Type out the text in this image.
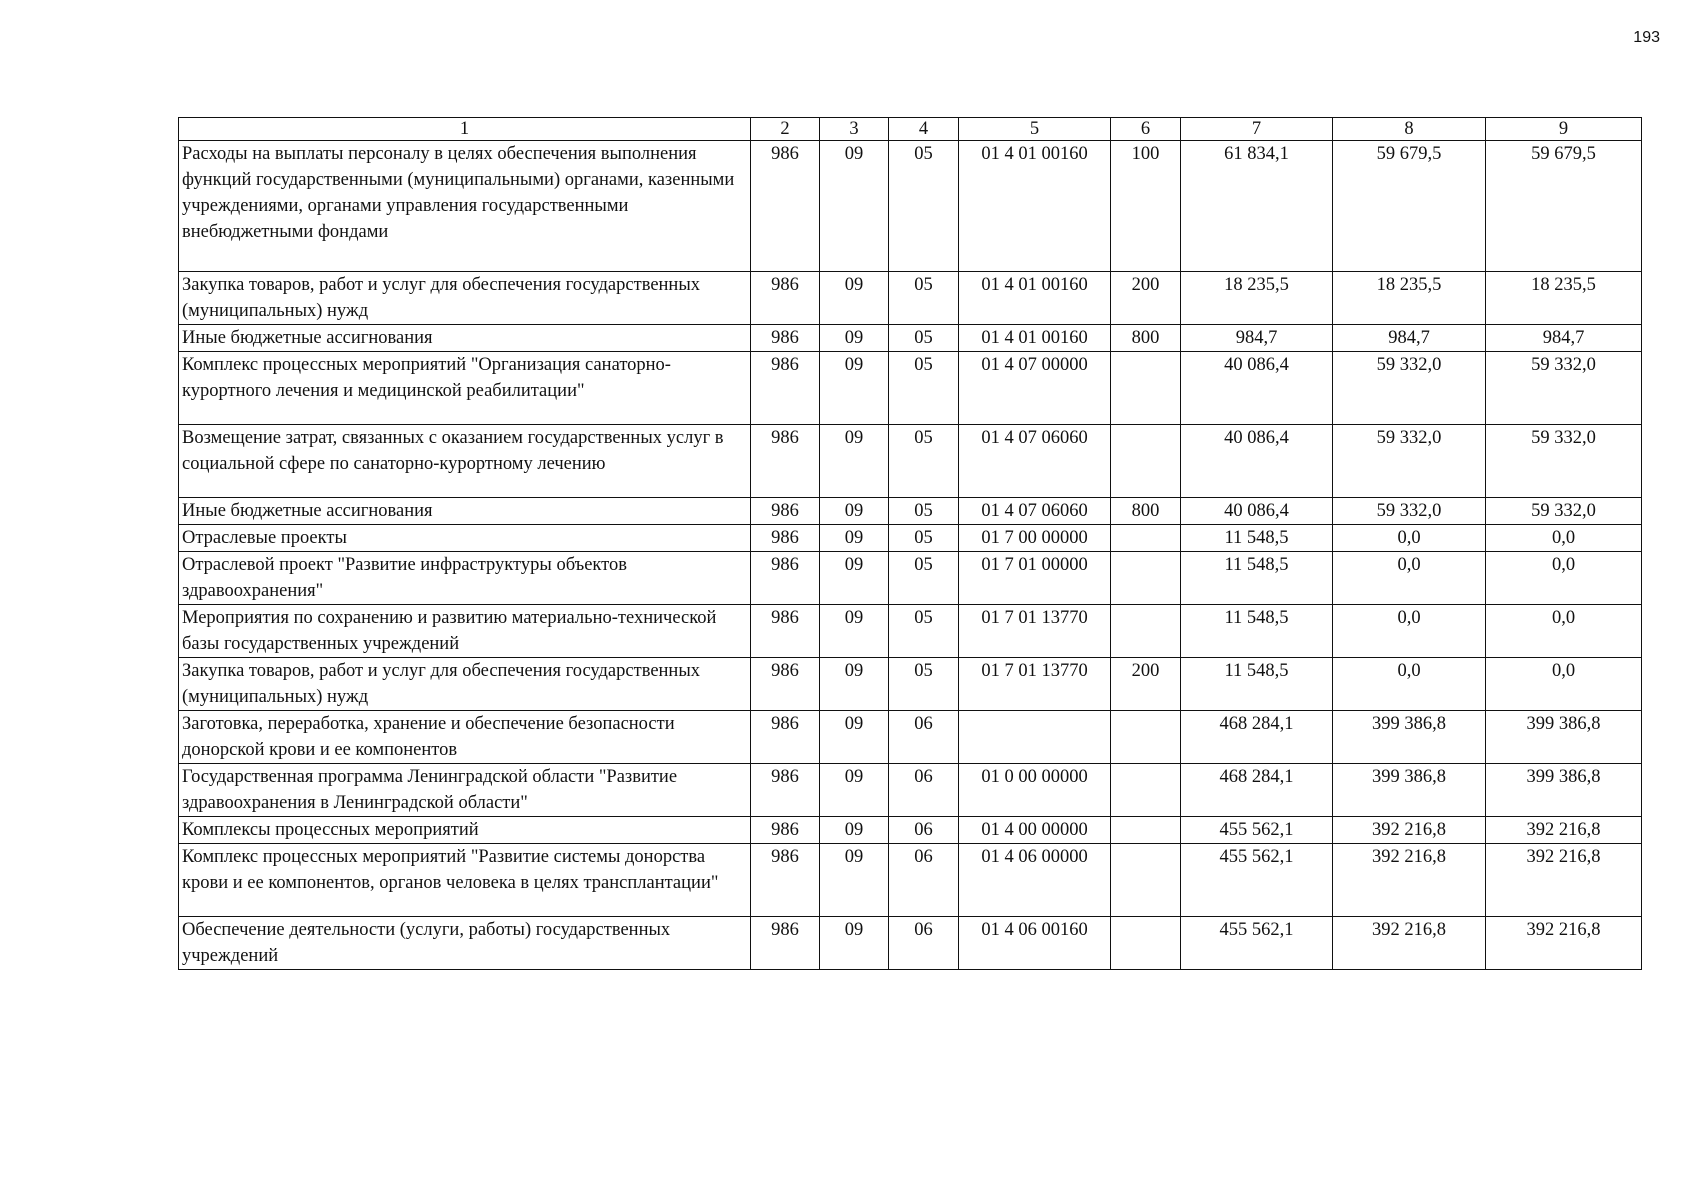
193
1	2	3	4	5	6	7	8	9
Расходы на выплаты персоналу в целях обеспечения выполнения функций государственными (муниципальными) органами, казенными учреждениями, органами управления государственными внебюджетными фондами	986	09	05	01 4 01 00160	100	61 834,1	59 679,5	59 679,5
Закупка товаров, работ и услуг для обеспечения государственных (муниципальных) нужд	986	09	05	01 4 01 00160	200	18 235,5	18 235,5	18 235,5
Иные бюджетные ассигнования	986	09	05	01 4 01 00160	800	984,7	984,7	984,7
Комплекс процессных мероприятий "Организация санаторно-курортного лечения и медицинской реабилитации"	986	09	05	01 4 07 00000		40 086,4	59 332,0	59 332,0
Возмещение затрат, связанных с оказанием государственных услуг в социальной сфере по санаторно-курортному лечению	986	09	05	01 4 07 06060		40 086,4	59 332,0	59 332,0
Иные бюджетные ассигнования	986	09	05	01 4 07 06060	800	40 086,4	59 332,0	59 332,0
Отраслевые проекты	986	09	05	01 7 00 00000		11 548,5	0,0	0,0
Отраслевой проект "Развитие инфраструктуры объектов здравоохранения"	986	09	05	01 7 01 00000		11 548,5	0,0	0,0
Мероприятия по сохранению и развитию материально-технической базы государственных учреждений	986	09	05	01 7 01 13770		11 548,5	0,0	0,0
Закупка товаров, работ и услуг для обеспечения государственных (муниципальных) нужд	986	09	05	01 7 01 13770	200	11 548,5	0,0	0,0
Заготовка, переработка, хранение и обеспечение безопасности донорской крови и ее компонентов	986	09	06			468 284,1	399 386,8	399 386,8
Государственная программа Ленинградской области "Развитие здравоохранения в Ленинградской области"	986	09	06	01 0 00 00000		468 284,1	399 386,8	399 386,8
Комплексы процессных мероприятий	986	09	06	01 4 00 00000		455 562,1	392 216,8	392 216,8
Комплекс процессных мероприятий "Развитие системы донорства крови и ее компонентов, органов человека в целях трансплантации"	986	09	06	01 4 06 00000		455 562,1	392 216,8	392 216,8
Обеспечение деятельности (услуги, работы) государственных учреждений	986	09	06	01 4 06 00160		455 562,1	392 216,8	392 216,8
